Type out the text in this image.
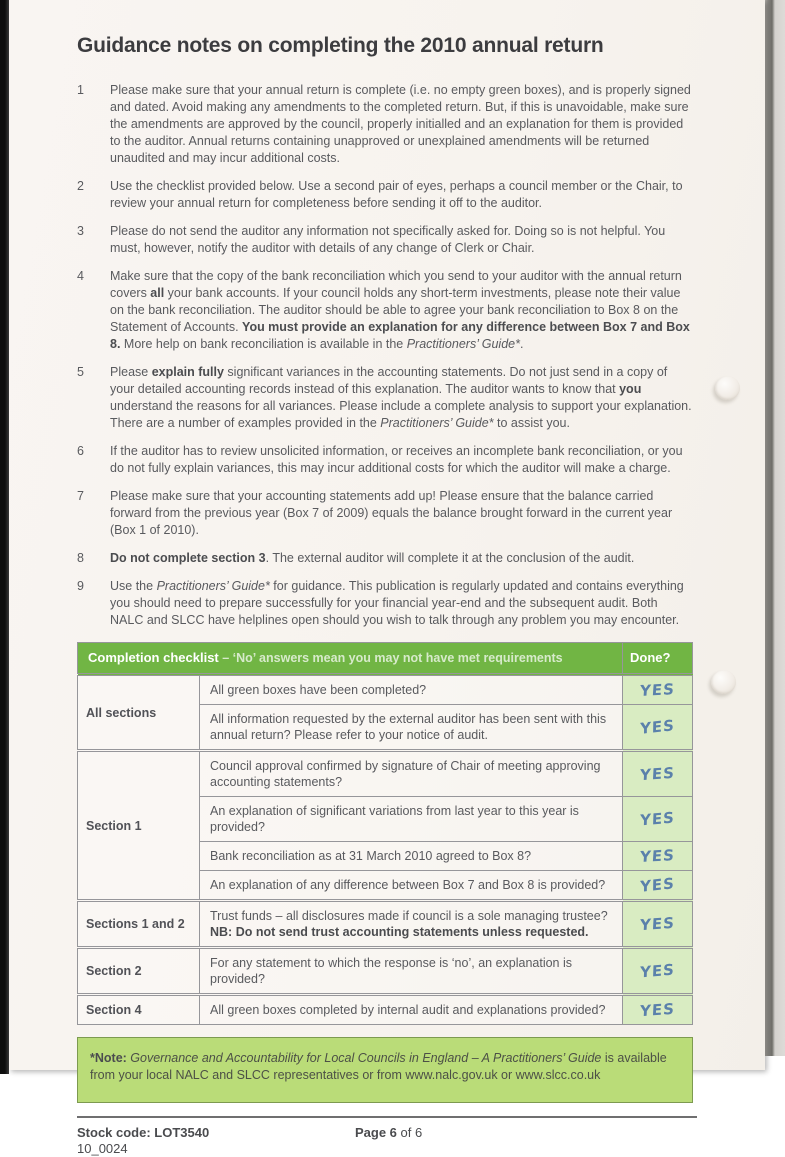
Guidance notes on completing the 2010 annual return
1	Please make sure that your annual return is complete (i.e. no empty green boxes), and is properly signed and dated. Avoid making any amendments to the completed return. But, if this is unavoidable, make sure the amendments are approved by the council, properly initialled and an explanation for them is provided to the auditor. Annual returns containing unapproved or unexplained amendments will be returned unaudited and may incur additional costs.
2	Use the checklist provided below. Use a second pair of eyes, perhaps a council member or the Chair, to review your annual return for completeness before sending it off to the auditor.
3	Please do not send the auditor any information not specifically asked for. Doing so is not helpful. You must, however, notify the auditor with details of any change of Clerk or Chair.
4	Make sure that the copy of the bank reconciliation which you send to your auditor with the annual return covers all your bank accounts. If your council holds any short-term investments, please note their value on the bank reconciliation. The auditor should be able to agree your bank reconciliation to Box 8 on the Statement of Accounts. You must provide an explanation for any difference between Box 7 and Box 8. More help on bank reconciliation is available in the Practitioners’ Guide*.
5	Please explain fully significant variances in the accounting statements. Do not just send in a copy of your detailed accounting records instead of this explanation. The auditor wants to know that you understand the reasons for all variances. Please include a complete analysis to support your explanation. There are a number of examples provided in the Practitioners’ Guide* to assist you.
6	If the auditor has to review unsolicited information, or receives an incomplete bank reconciliation, or you do not fully explain variances, this may incur additional costs for which the auditor will make a charge.
7	Please make sure that your accounting statements add up! Please ensure that the balance carried forward from the previous year (Box 7 of 2009) equals the balance brought forward in the current year (Box 1 of 2010).
8	Do not complete section 3. The external auditor will complete it at the conclusion of the audit.
9	Use the Practitioners’ Guide* for guidance. This publication is regularly updated and contains everything you should need to prepare successfully for your financial year-end and the subsequent audit. Both NALC and SLCC have helplines open should you wish to talk through any problem you may encounter.
Completion checklist – ‘No’ answers mean you may not have met requirements		Done?
All sections	All green boxes have been completed?	YES
	All information requested by the external auditor has been sent with this annual return? Please refer to your notice of audit.	YES
Section 1	Council approval confirmed by signature of Chair of meeting approving accounting statements?	YES
	An explanation of significant variations from last year to this year is provided?	YES
	Bank reconciliation as at 31 March 2010 agreed to Box 8?	YES
	An explanation of any difference between Box 7 and Box 8 is provided?	YES
Sections 1 and 2	Trust funds – all disclosures made if council is a sole managing trustee?
NB: Do not send trust accounting statements unless requested.	YES
Section 2	For any statement to which the response is ‘no’, an explanation is provided?	YES
Section 4	All green boxes completed by internal audit and explanations provided?	YES
*Note: Governance and Accountability for Local Councils in England – A Practitioners’ Guide is available from your local NALC and SLCC representatives or from www.nalc.gov.uk or www.slcc.co.uk
Stock code: LOT3540
10_0024
Page 6 of 6
